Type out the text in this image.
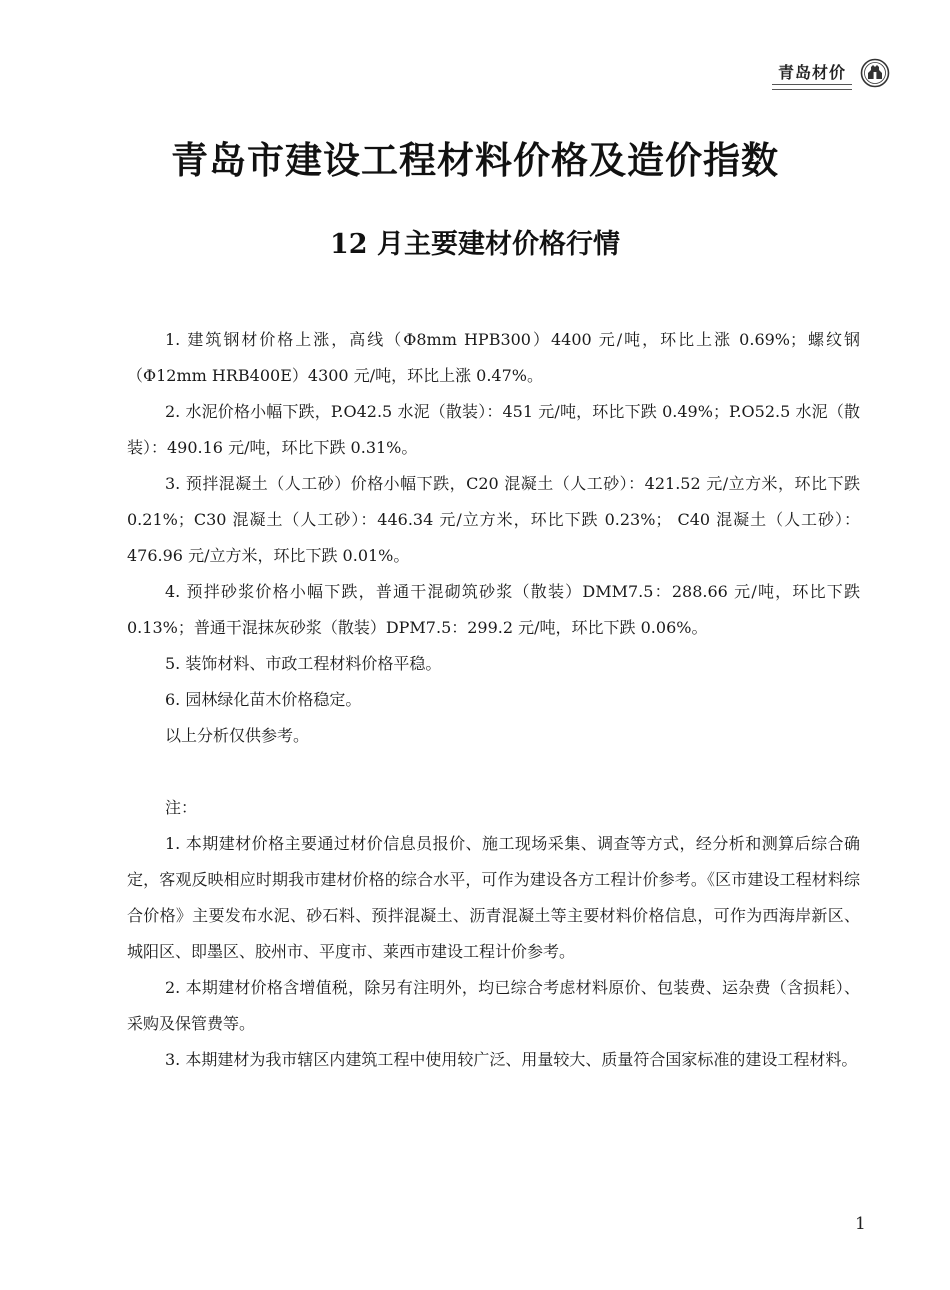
青岛材价
青岛市建设工程材料价格及造价指数
12 月主要建材价格行情

1. 建筑钢材价格上涨，高线（Φ8mm HPB300）4400 元/吨，环比上涨 0.69%；螺纹钢（Φ12mm HRB400E）4300 元/吨，环比上涨 0.47%。

2. 水泥价格小幅下跌，P.O42.5 水泥（散装）：451 元/吨，环比下跌 0.49%；P.O52.5 水泥（散装）：490.16 元/吨，环比下跌 0.31%。

3. 预拌混凝土（人工砂）价格小幅下跌，C20 混凝土（人工砂）：421.52 元/立方米，环比下跌 0.21%；C30 混凝土（人工砂）：446.34 元/立方米，环比下跌 0.23%； C40 混凝土（人工砂）：476.96 元/立方米，环比下跌 0.01%。

4. 预拌砂浆价格小幅下跌，普通干混砌筑砂浆（散装）DMM7.5：288.66 元/吨，环比下跌 0.13%；普通干混抹灰砂浆（散装）DPM7.5：299.2 元/吨，环比下跌 0.06%。

5. 装饰材料、市政工程材料价格平稳。

6. 园林绿化苗木价格稳定。

以上分析仅供参考。

注：

1. 本期建材价格主要通过材价信息员报价、施工现场采集、调查等方式，经分析和测算后综合确定，客观反映相应时期我市建材价格的综合水平，可作为建设各方工程计价参考。《区市建设工程材料综合价格》主要发布水泥、砂石料、预拌混凝土、沥青混凝土等主要材料价格信息，可作为西海岸新区、城阳区、即墨区、胶州市、平度市、莱西市建设工程计价参考。

2. 本期建材价格含增值税，除另有注明外，均已综合考虑材料原价、包装费、运杂费（含损耗）、采购及保管费等。

3. 本期建材为我市辖区内建筑工程中使用较广泛、用量较大、质量符合国家标准的建设工程材料。

1
